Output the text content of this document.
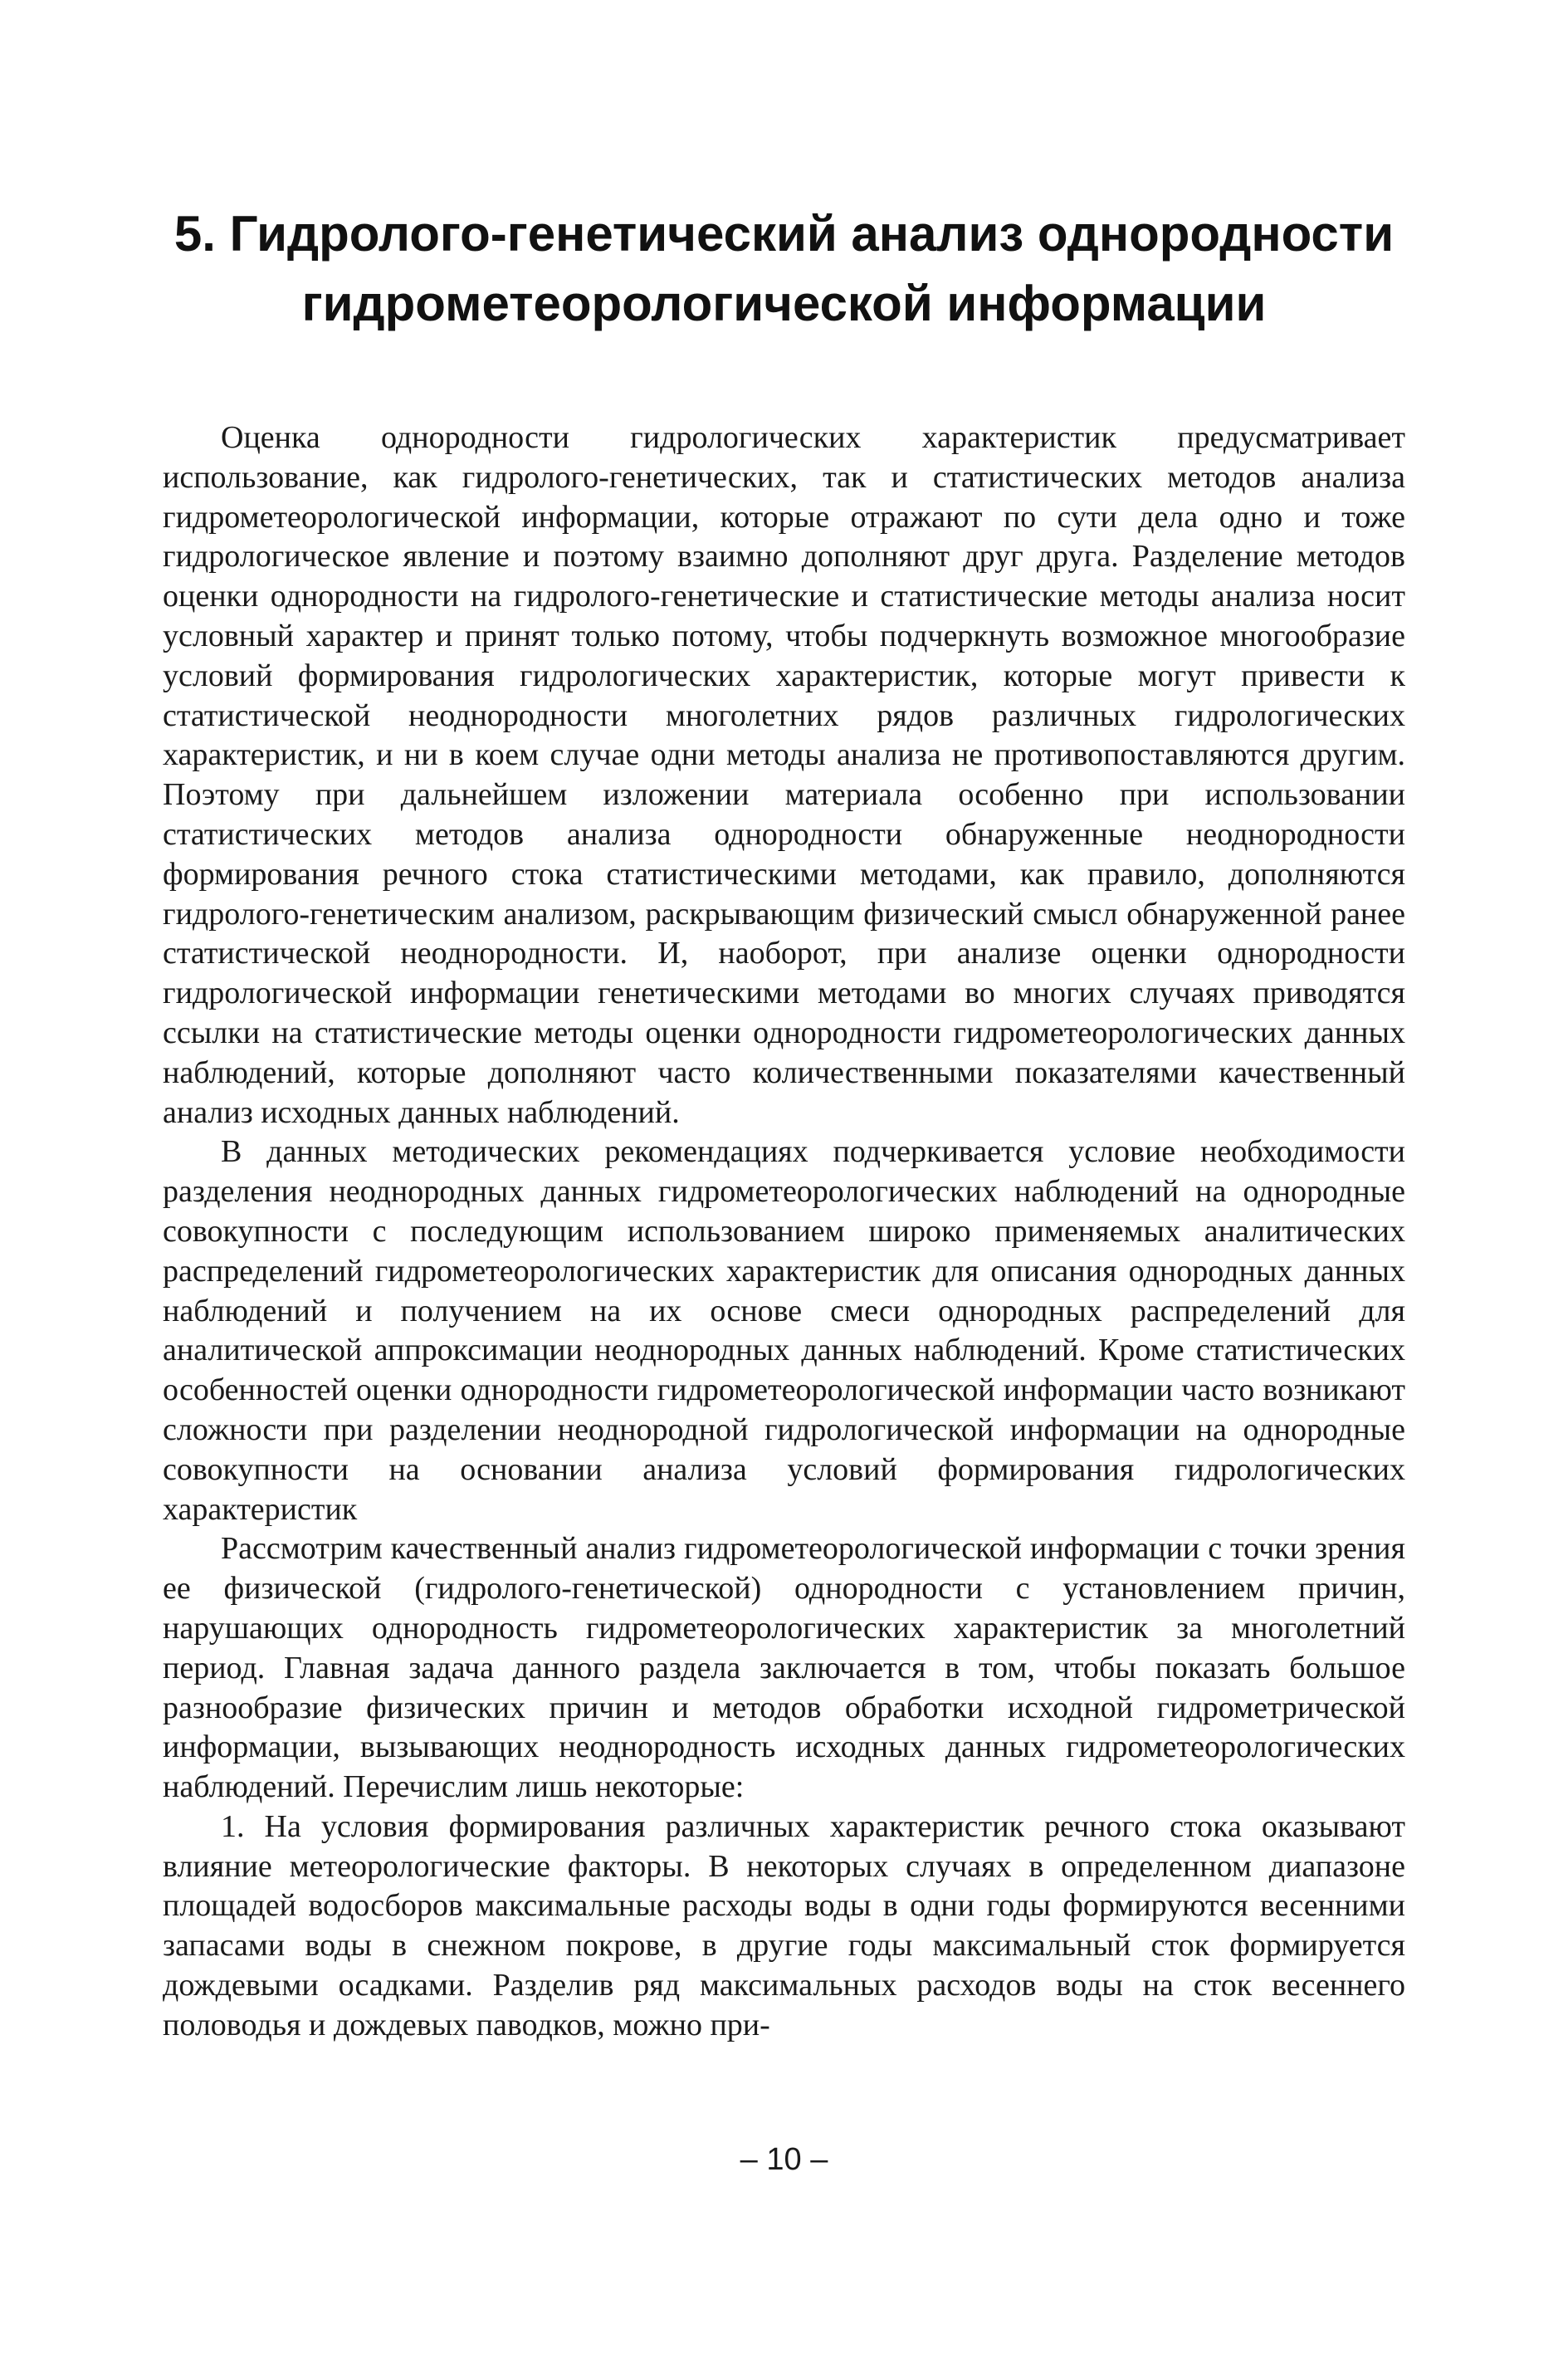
5. Гидролого-генетический анализ однородности
гидрометеорологической информации

Оценка однородности гидрологических характеристик предусматривает использование, как гидролого-генетических, так и статистических методов анализа гидрометеорологической информации, которые отражают по сути дела одно и тоже гидрологическое явление и поэтому взаимно дополняют друг друга. Разделение методов оценки однородности на гидролого-генетические и статистические методы анализа носит условный характер и принят только потому, чтобы подчеркнуть возможное многообразие условий формирования гидрологических характеристик, которые могут привести к статистической неоднородности многолетних рядов различных гидрологических характеристик, и ни в коем случае одни методы анализа не противопоставляются другим. Поэтому при дальнейшем изложении материала особенно при использовании статистических методов анализа однородности обнаруженные неоднородности формирования речного стока статистическими методами, как правило, дополняются гидролого-генетическим анализом, раскрывающим физический смысл обнаруженной ранее статистической неоднородности. И, наоборот, при анализе оценки однородности гидрологической информации генетическими методами во многих случаях приводятся ссылки на статистические методы оценки однородности гидрометеорологических данных наблюдений, которые дополняют часто количественными показателями качественный анализ исходных данных наблюдений.

В данных методических рекомендациях подчеркивается условие необходимости разделения неоднородных данных гидрометеорологических наблюдений на однородные совокупности с последующим использованием широко применяемых аналитических распределений гидрометеорологических характеристик для описания однородных данных наблюдений и получением на их основе смеси однородных распределений для аналитической аппроксимации неоднородных данных наблюдений. Кроме статистических особенностей оценки однородности гидрометеорологической информации часто возникают сложности при разделении неоднородной гидрологической информации на однородные совокупности на основании анализа условий формирования гидрологических характеристик

Рассмотрим качественный анализ гидрометеорологической информации с точки зрения ее физической (гидролого-генетической) однородности с установлением причин, нарушающих однородность гидрометеорологических характеристик за многолетний период. Главная задача данного раздела заключается в том, чтобы показать большое разнообразие физических причин и методов обработки исходной гидрометрической информации, вызывающих неоднородность исходных данных гидрометеорологических наблюдений. Перечислим лишь некоторые:

1. На условия формирования различных характеристик речного стока оказывают влияние метеорологические факторы. В некоторых случаях в определенном диапазоне площадей водосборов максимальные расходы воды в одни годы формируются весенними запасами воды в снежном покрове, в другие годы максимальный сток формируется дождевыми осадками. Разделив ряд максимальных расходов воды на сток весеннего половодья и дождевых паводков, можно при-

– 10 –
